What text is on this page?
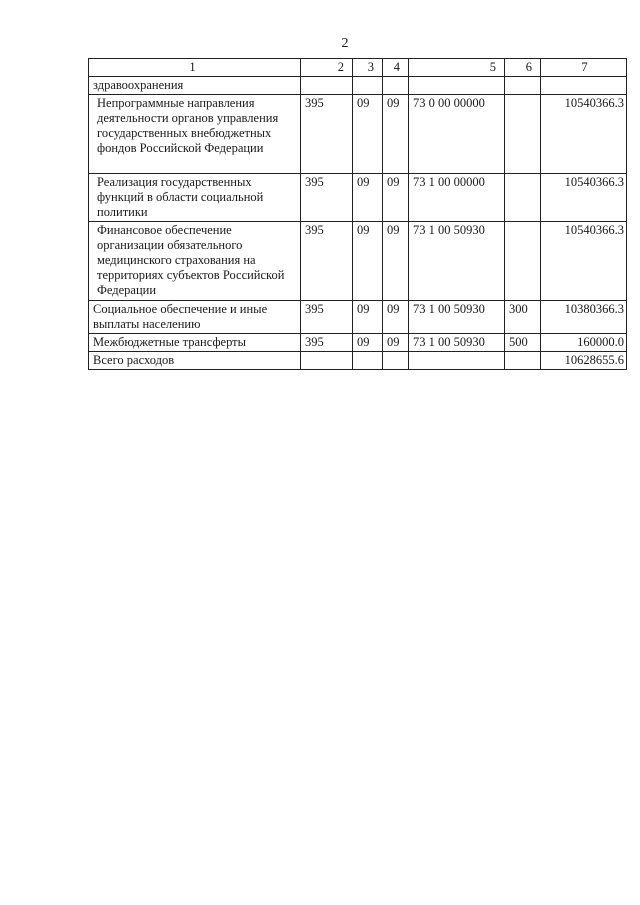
2
1	2	3	4	5	6	7
здравоохранения						
Непрограммные направления деятельности органов управления государственных внебюджетных фондов Российской Федерации	395	09	09	73 0 00 00000		10540366.3
Реализация государственных функций в области социальной политики	395	09	09	73 1 00 00000		10540366.3
Финансовое обеспечение организации обязательного медицинского страхования на территориях субъектов Российской Федерации	395	09	09	73 1 00 50930		10540366.3
Социальное обеспечение и иные выплаты населению	395	09	09	73 1 00 50930	300	10380366.3
Межбюджетные трансферты	395	09	09	73 1 00 50930	500	160000.0
Всего расходов						10628655.6
